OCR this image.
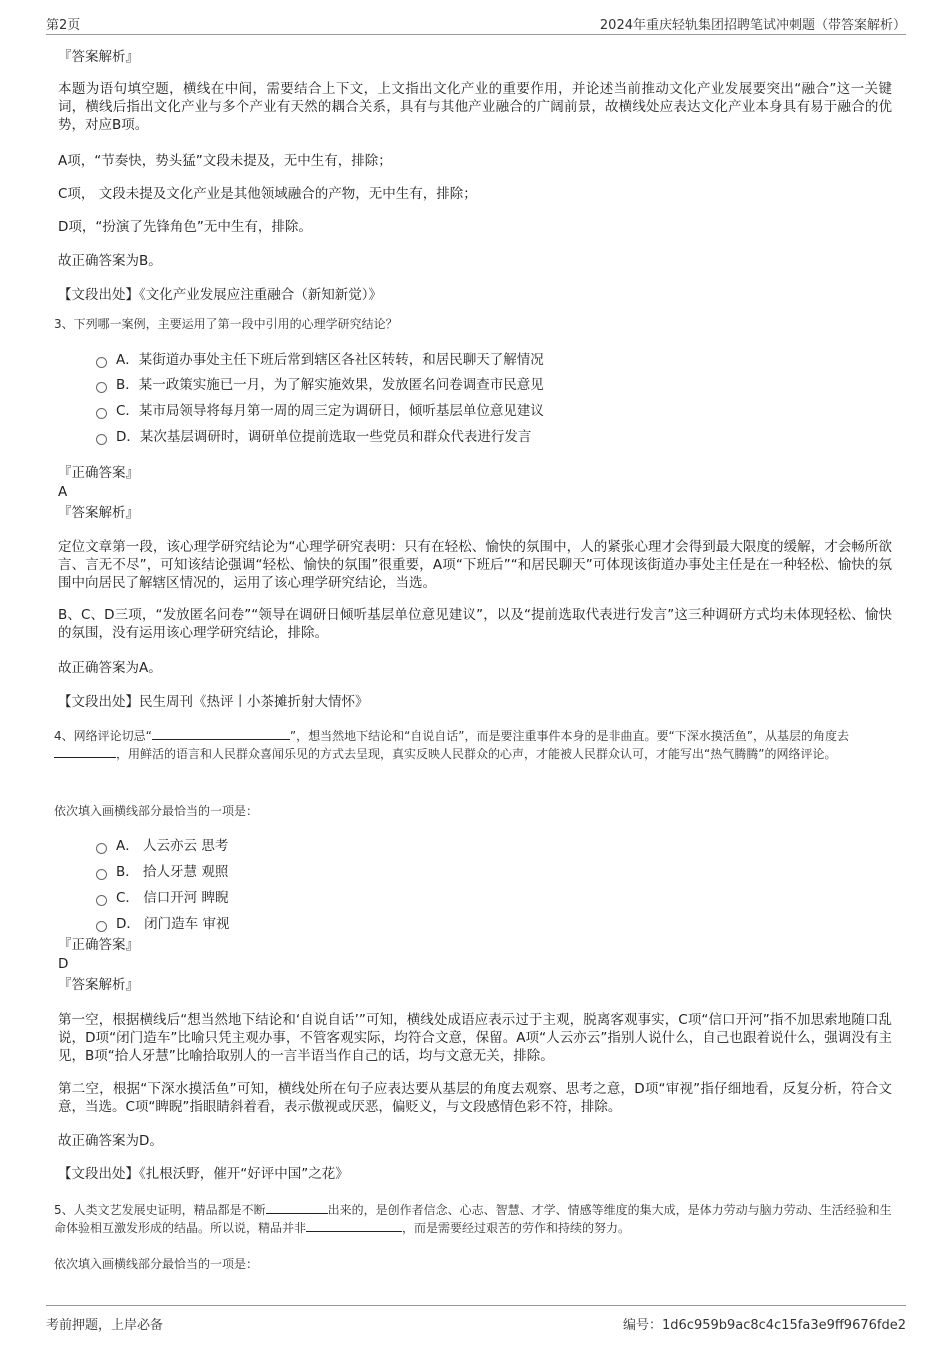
第2页	2024年重庆轻轨集团招聘笔试冲刺题（带答案解析）

『答案解析』

本题为语句填空题，横线在中间，需要结合上下文，上文指出文化产业的重要作用，并论述当前推动文化产业发展要突出“融合”这一关键词，横线后指出文化产业与多个产业有天然的耦合关系，具有与其他产业融合的广阔前景，故横线处应表达文化产业本身具有易于融合的优势，对应B项。

A项，“节奏快，势头猛”文段未提及，无中生有，排除；

C项， 文段未提及文化产业是其他领域融合的产物，无中生有，排除；

D项，“扮演了先锋角色”无中生有，排除。

故正确答案为B。

【文段出处】《文化产业发展应注重融合（新知新觉）》

3、下列哪一案例，主要运用了第一段中引用的心理学研究结论？

A．某街道办事处主任下班后常到辖区各社区转转，和居民聊天了解情况
B．某一政策实施已一月，为了解实施效果，发放匿名问卷调查市民意见
C．某市局领导将每月第一周的周三定为调研日，倾听基层单位意见建议
D．某次基层调研时，调研单位提前选取一些党员和群众代表进行发言

『正确答案』

A

『答案解析』

定位文章第一段，该心理学研究结论为“心理学研究表明：只有在轻松、愉快的氛围中，人的紧张心理才会得到最大限度的缓解，才会畅所欲言、言无不尽”，可知该结论强调“轻松、愉快的氛围”很重要，A项“下班后”“和居民聊天”可体现该街道办事处主任是在一种轻松、愉快的氛围中向居民了解辖区情况的，运用了该心理学研究结论，当选。

B、C、D三项，“发放匿名问卷”“领导在调研日倾听基层单位意见建议”，以及“提前选取代表进行发言”这三种调研方式均未体现轻松、愉快的氛围，没有运用该心理学研究结论，排除。

故正确答案为A。

【文段出处】民生周刊《热评丨小茶摊折射大情怀》

4、网络评论切忌“	”，想当然地下结论和“自说自话”，而是要注重事件本身的是非曲直。要“下深水摸活鱼”，从基层的角度去，用鲜活的语言和人民群众喜闻乐见的方式去呈现，真实反映人民群众的心声，才能被人民群众认可，才能写出“热气腾腾”的网络评论。

依次填入画横线部分最恰当的一项是：

A． 人云亦云 思考
B． 拾人牙慧 观照
C． 信口开河 睥睨
D． 闭门造车 审视

『正确答案』

D

『答案解析』

第一空，根据横线后“想当然地下结论和‘自说自话’”可知，横线处成语应表示过于主观，脱离客观事实，C项“信口开河”指不加思索地随口乱说，D项“闭门造车”比喻只凭主观办事，不管客观实际，均符合文意，保留。A项“人云亦云”指别人说什么，自己也跟着说什么，强调没有主见，B项“拾人牙慧”比喻拾取别人的一言半语当作自己的话，均与文意无关，排除。

第二空，根据“下深水摸活鱼”可知，横线处所在句子应表达要从基层的角度去观察、思考之意，D项“审视”指仔细地看，反复分析，符合文意，当选。C项“睥睨”指眼睛斜着看，表示傲视或厌恶，偏贬义，与文段感情色彩不符，排除。

故正确答案为D。

【文段出处】《扎根沃野，催开“好评中国”之花》

5、人类文艺发展史证明，精品都是不断	出来的，是创作者信念、心志、智慧、才学、情感等维度的集大成，是体力劳动与脑力劳动、生活经验和生命体验相互激发形成的结晶。所以说，精品并非	，而是需要经过艰苦的劳作和持续的努力。

依次填入画横线部分最恰当的一项是：

考前押题，上岸必备	编号：1d6c959b9ac8c4c15fa3e9ff9676fde2
